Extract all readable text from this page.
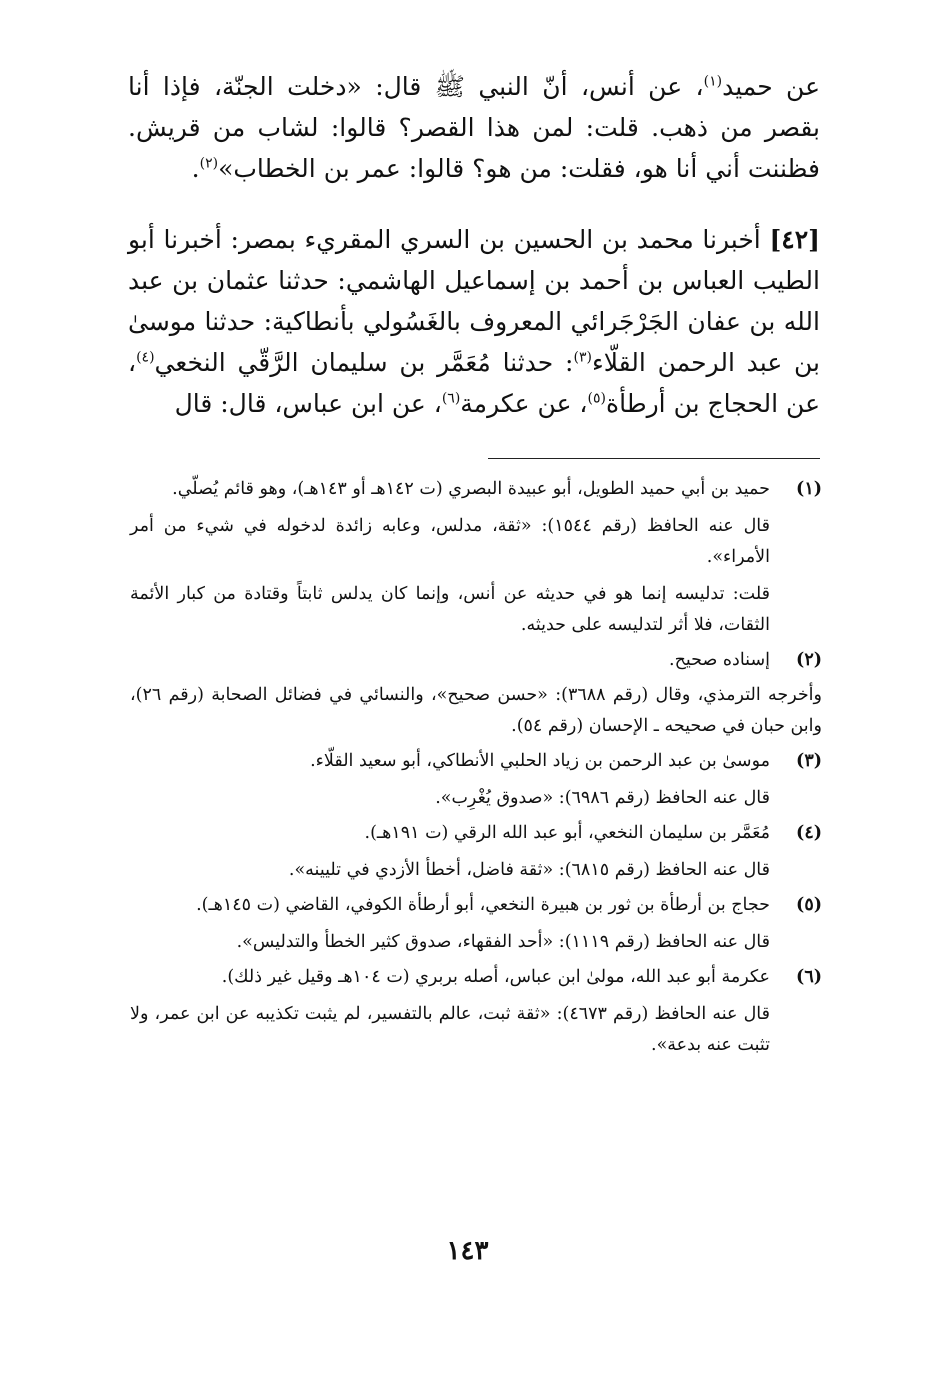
عن حميد$^{(١)}$، عن أنس، أنّ النبي ﷺ قال: «دخلت الجنّة، فإذا أنا بقصر من ذهب. قلت: لمن هذا القصر؟ قالوا: لشاب من قريش. فظننت أني أنا هو، فقلت: من هو؟ قالوا: عمر بن الخطاب»$^{(٢)}$.

[٤٢] أخبرنا محمد بن الحسين بن السري المقريء بمصر: أخبرنا أبو الطيب العباس بن أحمد بن إسماعيل الهاشمي: حدثنا عثمان بن عبد الله بن عفان الجَرْجَرائي المعروف بالغَسُولي بأنطاكية: حدثنا موسىٰ بن عبد الرحمن القلّاء$^{(٣)}$: حدثنا مُعَمَّر بن سليمان الرَّقّي النخعي$^{(٤)}$، عن الحجاج بن أرطأة$^{(٥)}$، عن عكرمة$^{(٦)}$، عن ابن عباس، قال: قال

(١)

حميد بن أبي حميد الطويل، أبو عبيدة البصري (ت ١٤٢هـ أو ١٤٣هـ)، وهو قائم يُصلّي.

قال عنه الحافظ (رقم ١٥٤٤): «ثقة، مدلس، وعابه زائدة لدخوله في شيء من أمر الأمراء».

قلت: تدليسه إنما هو في حديثه عن أنس، وإنما كان يدلس ثابتاً وقتادة من كبار الأئمة الثقات، فلا أثر لتدليسه على حديثه.

(٢)

إسناده صحيح.

وأخرجه الترمذي، وقال (رقم ٣٦٨٨): «حسن صحيح»، والنسائي في فضائل الصحابة (رقم ٢٦)، وابن حبان في صحيحه ـ الإحسان (رقم ٥٤).

(٣)

موسىٰ بن عبد الرحمن بن زياد الحلبي الأنطاكي، أبو سعيد القلّاء.

قال عنه الحافظ (رقم ٦٩٨٦): «صدوق يُغْرِب».

(٤)

مُعَمَّر بن سليمان النخعي، أبو عبد الله الرقي (ت ١٩١هـ).

قال عنه الحافظ (رقم ٦٨١٥): «ثقة فاضل، أخطأ الأزدي في تليينه».

(٥)

حجاج بن أرطأة بن ثور بن هبيرة النخعي، أبو أرطأة الكوفي، القاضي (ت ١٤٥هـ).

قال عنه الحافظ (رقم ١١١٩): «أحد الفقهاء، صدوق كثير الخطأ والتدليس».

(٦)

عكرمة أبو عبد الله، مولىٰ ابن عباس، أصله بربري (ت ١٠٤هـ وقيل غير ذلك).

قال عنه الحافظ (رقم ٤٦٧٣): «ثقة ثبت، عالم بالتفسير، لم يثبت تكذيبه عن ابن عمر، ولا تثبت عنه بدعة».

١٤٣
